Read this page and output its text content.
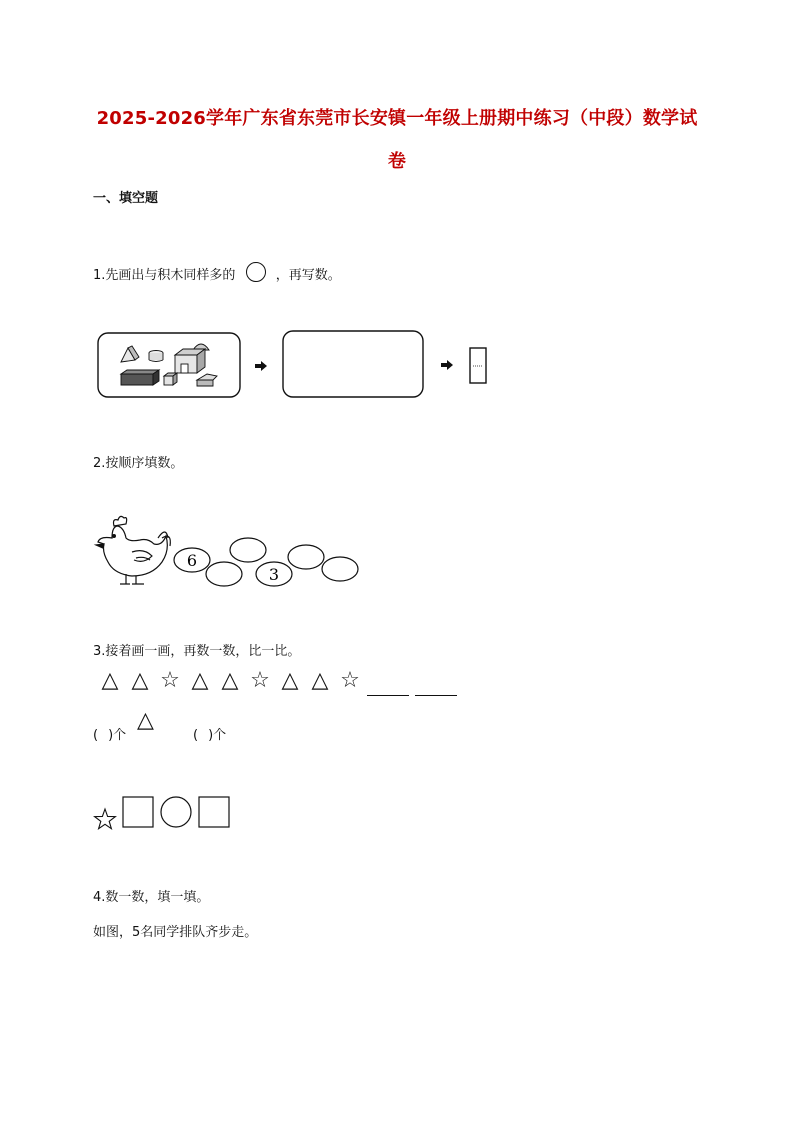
2025-2026学年广东省东莞市长安镇一年级上册期中练习（中段）数学试
卷
一、填空题
1.先画出与积木同样多的	，再写数。
2.按顺序填数。
6
3
3.接着画一画，再数一数，比一比。
△ △ ☆ △ △ ☆ △ △ ☆
( )个
△
( )个
4.数一数，填一填。
如图，5名同学排队齐步走。
